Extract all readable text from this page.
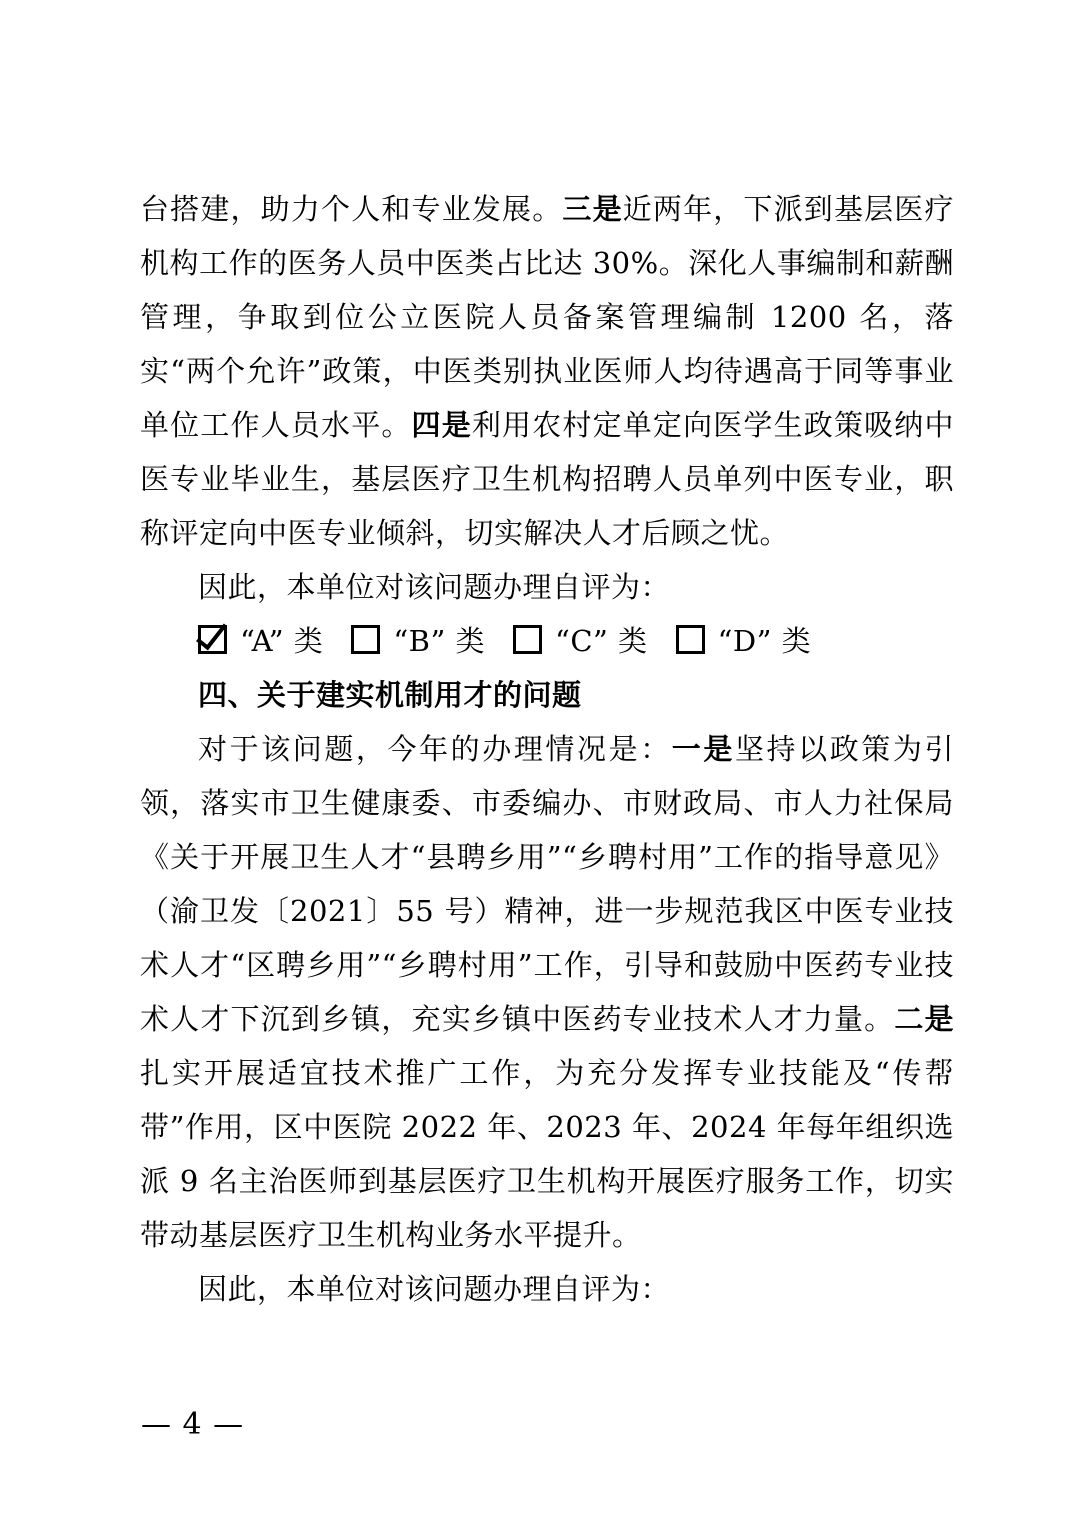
台搭建，助力个人和专业发展。三是近两年，下派到基层医疗机构工作的医务人员中医类占比达 30%。深化人事编制和薪酬管理，争取到位公立医院人员备案管理编制 1200 名，落实“两个允许”政策，中医类别执业医师人均待遇高于同等事业单位工作人员水平。四是利用农村定单定向医学生政策吸纳中医专业毕业生，基层医疗卫生机构招聘人员单列中医专业，职称评定向中医专业倾斜，切实解决人才后顾之忧。

因此，本单位对该问题办理自评为：

“A” 类 “B” 类 “C” 类 “D” 类

四、关于建实机制用才的问题

对于该问题，今年的办理情况是：一是坚持以政策为引领，落实市卫生健康委、市委编办、市财政局、市人力社保局《关于开展卫生人才“县聘乡用”“乡聘村用”工作的指导意见》（渝卫发〔2021〕55 号）精神，进一步规范我区中医专业技术人才“区聘乡用”“乡聘村用”工作，引导和鼓励中医药专业技术人才下沉到乡镇，充实乡镇中医药专业技术人才力量。二是扎实开展适宜技术推广工作，为充分发挥专业技能及“传帮带”作用，区中医院 2022 年、2023 年、2024 年每年组织选派 9 名主治医师到基层医疗卫生机构开展医疗服务工作，切实带动基层医疗卫生机构业务水平提升。

因此，本单位对该问题办理自评为：

— 4 —
